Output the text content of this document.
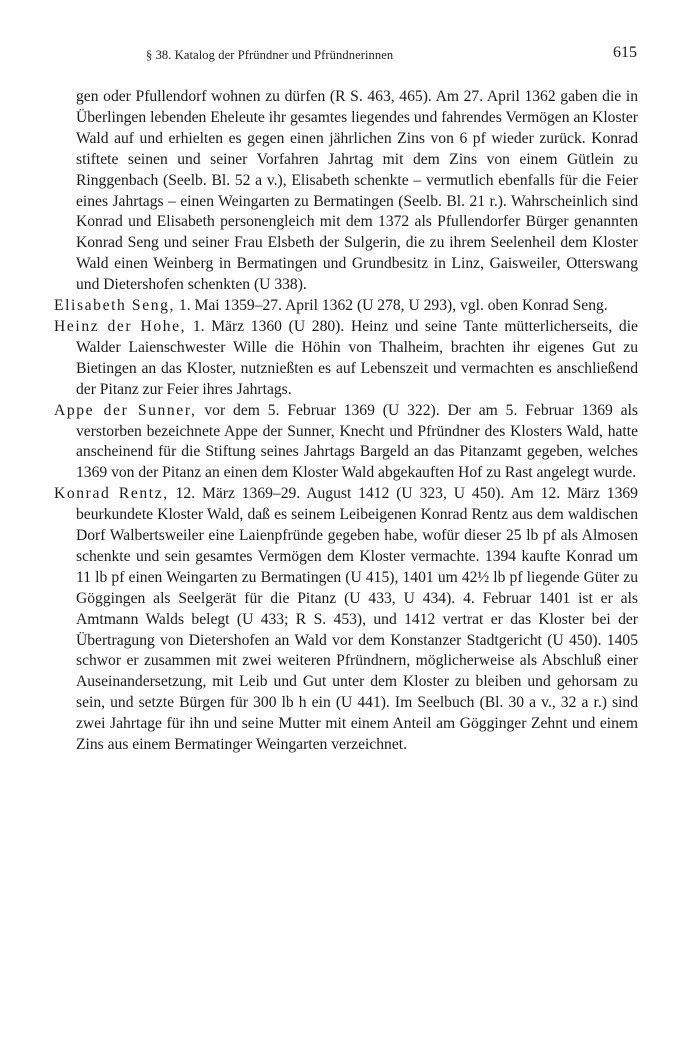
§ 38. Katalog der Pfründner und Pfründnerinnen	615

gen oder Pfullendorf wohnen zu dürfen (R S. 463, 465). Am 27. April 1362 gaben die in Überlingen lebenden Eheleute ihr gesamtes liegendes und fahrendes Vermögen an Kloster Wald auf und erhielten es gegen einen jährlichen Zins von 6 pf wieder zurück. Konrad stiftete seinen und seiner Vorfahren Jahrtag mit dem Zins von einem Gütlein zu Ringgenbach (Seelb. Bl. 52 a v.), Elisabeth schenkte – vermutlich ebenfalls für die Feier eines Jahrtags – einen Weingarten zu Bermatingen (Seelb. Bl. 21 r.). Wahrscheinlich sind Konrad und Elisabeth personengleich mit dem 1372 als Pfullendorfer Bürger genannten Konrad Seng und seiner Frau Elsbeth der Sulgerin, die zu ihrem Seelenheil dem Kloster Wald einen Weinberg in Bermatingen und Grundbesitz in Linz, Gaisweiler, Otterswang und Dietershofen schenkten (U 338).

Elisabeth Seng, 1. Mai 1359–27. April 1362 (U 278, U 293), vgl. oben Konrad Seng.

Heinz der Hohe, 1. März 1360 (U 280). Heinz und seine Tante mütterlicherseits, die Walder Laienschwester Wille die Höhin von Thalheim, brachten ihr eigenes Gut zu Bietingen an das Kloster, nutznießten es auf Lebenszeit und vermachten es anschließend der Pitanz zur Feier ihres Jahrtags.

Appe der Sunner, vor dem 5. Februar 1369 (U 322). Der am 5. Februar 1369 als verstorben bezeichnete Appe der Sunner, Knecht und Pfründner des Klosters Wald, hatte anscheinend für die Stiftung seines Jahrtags Bargeld an das Pitanzamt gegeben, welches 1369 von der Pitanz an einen dem Kloster Wald abgekauften Hof zu Rast angelegt wurde.

Konrad Rentz, 12. März 1369–29. August 1412 (U 323, U 450). Am 12. März 1369 beurkundete Kloster Wald, daß es seinem Leibeigenen Konrad Rentz aus dem waldischen Dorf Walbertsweiler eine Laienpfründe gegeben habe, wofür dieser 25 lb pf als Almosen schenkte und sein gesamtes Vermögen dem Kloster vermachte. 1394 kaufte Konrad um 11 lb pf einen Weingarten zu Bermatingen (U 415), 1401 um 42½ lb pf liegende Güter zu Göggingen als Seelgerät für die Pitanz (U 433, U 434). 4. Februar 1401 ist er als Amtmann Walds belegt (U 433; R S. 453), und 1412 vertrat er das Kloster bei der Übertragung von Dietershofen an Wald vor dem Konstanzer Stadtgericht (U 450). 1405 schwor er zusammen mit zwei weiteren Pfründnern, möglicherweise als Abschluß einer Auseinandersetzung, mit Leib und Gut unter dem Kloster zu bleiben und gehorsam zu sein, und setzte Bürgen für 300 lb h ein (U 441). Im Seelbuch (Bl. 30 a v., 32 a r.) sind zwei Jahrtage für ihn und seine Mutter mit einem Anteil am Gögginger Zehnt und einem Zins aus einem Bermatinger Weingarten verzeichnet.
